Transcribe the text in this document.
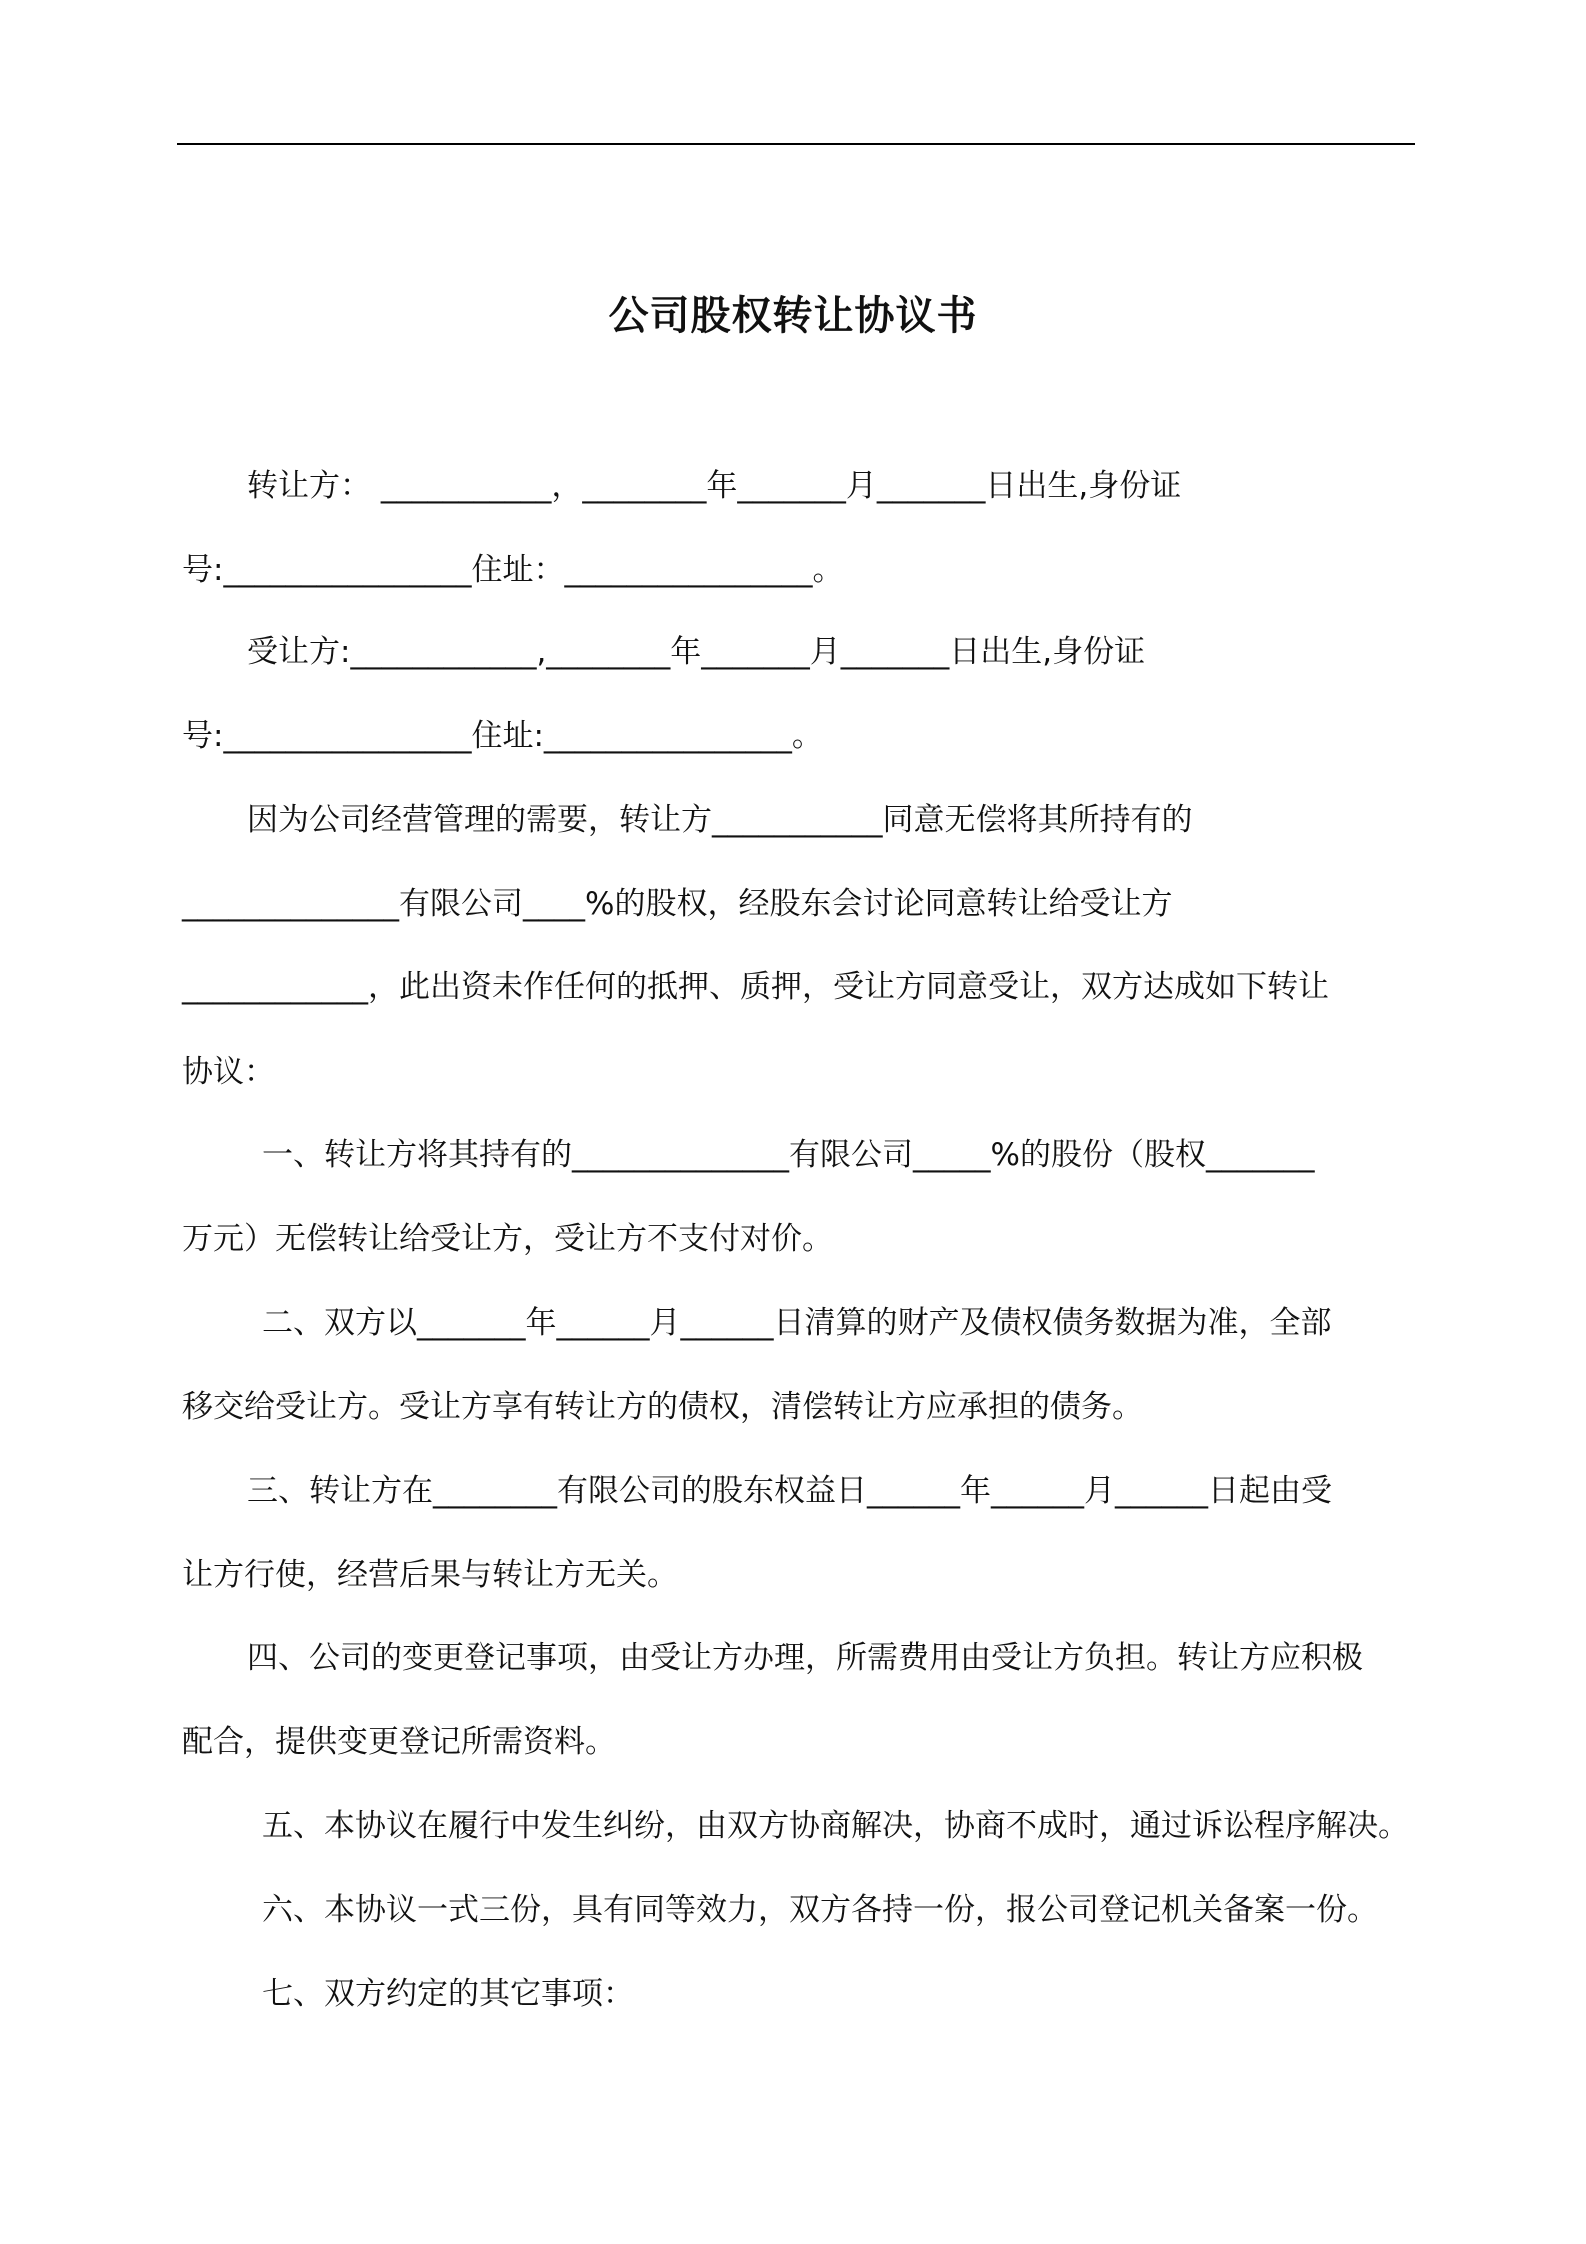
公司股权转让协议书
转让方： ___________，________年_______月_______日出生,身份证
号:________________住址：________________。
受让方:____________,________年_______月_______日出生,身份证
号:________________住址:________________。
因为公司经营管理的需要，转让方___________同意无偿将其所持有的
______________有限公司____%的股权，经股东会讨论同意转让给受让方
____________，此出资未作任何的抵押、质押，受让方同意受让，双方达成如下转让
协议：
一、转让方将其持有的______________有限公司_____%的股份（股权_______
万元）无偿转让给受让方，受让方不支付对价。
二、双方以_______年______月______日清算的财产及债权债务数据为准，全部
移交给受让方。受让方享有转让方的债权，清偿转让方应承担的债务。
三、转让方在________有限公司的股东权益日______年______月______日起由受
让方行使，经营后果与转让方无关。
四、公司的变更登记事项，由受让方办理，所需费用由受让方负担。转让方应积极
配合，提供变更登记所需资料。
五、本协议在履行中发生纠纷，由双方协商解决，协商不成时，通过诉讼程序解决。
六、本协议一式三份，具有同等效力，双方各持一份，报公司登记机关备案一份。
七、双方约定的其它事项：
